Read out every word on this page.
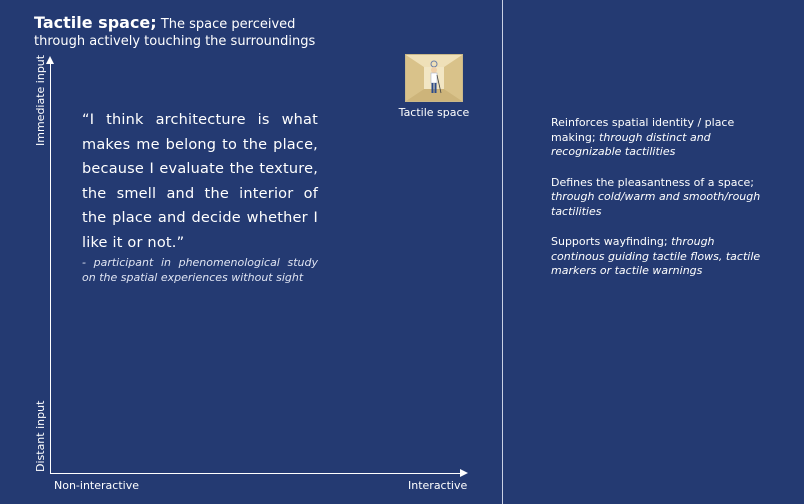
Tactile space; The space perceived through actively touching the surroundings
Immediate input
Distant input
Non-interactive	Interactive
“I think architecture is what makes me belong to the place, because I evaluate the texture, the smell and the interior of the place and decide whether I like it or not.”
- participant in phenomenological study on the spatial experiences without sight
Tactile space
Reinforces spatial identity / place making; through distinct and recognizable tactilities
Defines the pleasantness of a space; through cold/warm and smooth/rough tactilities
Supports wayfinding; through continous guiding tactile flows, tactile markers or tactile warnings
